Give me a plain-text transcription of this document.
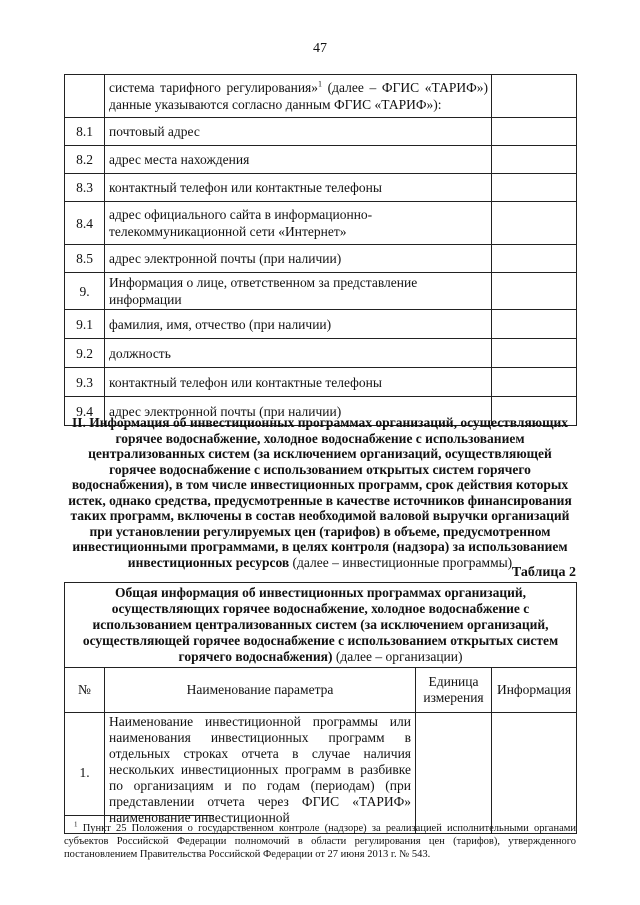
47
	система тарифного регулирования»$^1$ (далее – ФГИС «ТАРИФ») данные указываются согласно данным ФГИС «ТАРИФ»):	
8.1	почтовый адрес	
8.2	адрес места нахождения	
8.3	контактный телефон или контактные телефоны	
8.4	адрес официального сайта в информационно-телекоммуникационной сети «Интернет»	
8.5	адрес электронной почты (при наличии)	
9.	Информация о лице, ответственном за представление информации	
9.1	фамилия, имя, отчество (при наличии)	
9.2	должность	
9.3	контактный телефон или контактные телефоны	
9.4	адрес электронной почты (при наличии)	
II. Информация об инвестиционных программах организаций, осуществляющих горячее водоснабжение, холодное водоснабжение с использованием централизованных систем (за исключением организаций, осуществляющей горячее водоснабжение с использованием открытых систем горячего водоснабжения), в том числе инвестиционных программ, срок действия которых истек, однако средства, предусмотренные в качестве источников финансирования таких программ, включены в состав необходимой валовой выручки организаций при установлении регулируемых цен (тарифов) в объеме, предусмотренном инвестиционными программами, в целях контроля (надзора) за использованием инвестиционных ресурсов (далее – инвестиционные программы)
Таблица 2
Общая информация об инвестиционных программах организаций, осуществляющих горячее водоснабжение, холодное водоснабжение с использованием централизованных систем (за исключением организаций, осуществляющей горячее водоснабжение с использованием открытых систем горячего водоснабжения) (далее – организации)			
№	Наименование параметра	Единица измерения	Информация
1.	Наименование инвестиционной программы или наименования инвестиционных программ в отдельных строках отчета в случае наличия нескольких инвестиционных программ в разбивке по организациям и по годам (периодам) (при представлении отчета через ФГИС «ТАРИФ» наименование инвестиционной		
$^1$ Пункт 25 Положения о государственном контроле (надзоре) за реализацией исполнительными органами субъектов Российской Федерации полномочий в области регулирования цен (тарифов), утвержденного постановлением Правительства Российской Федерации от 27 июня 2013 г. № 543.
